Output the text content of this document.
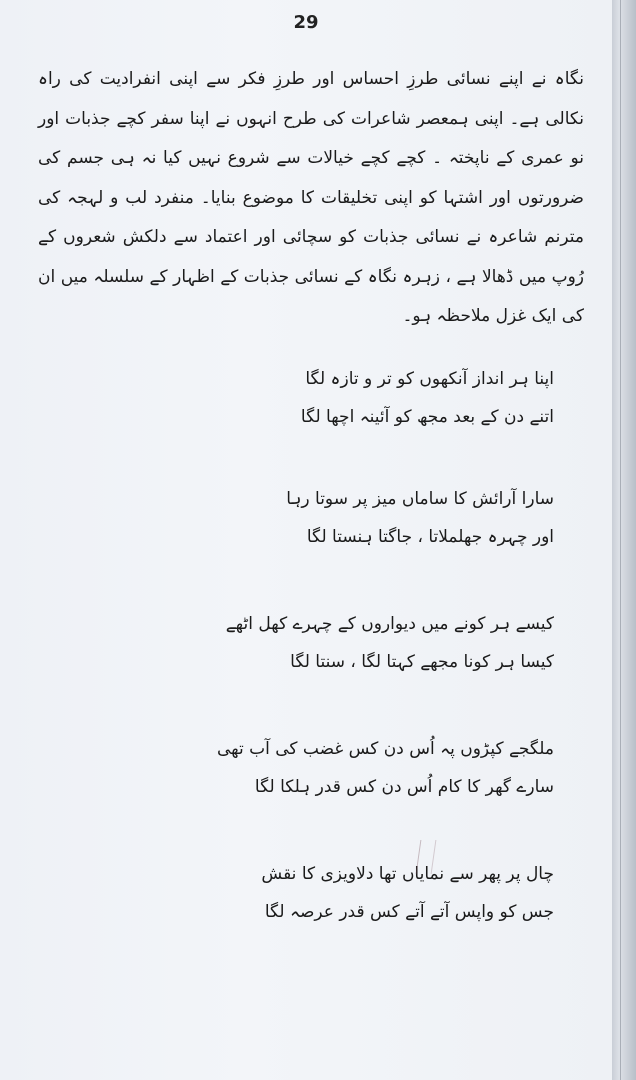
29

نگاہ نے اپنے نسائی طرزِ احساس اور طرزِ فکر سے اپنی انفرادیت کی راہ نکالی ہے۔ اپنی ہمعصر شاعرات کی طرح انہوں نے اپنا سفر کچے جذبات اور نو عمری کے ناپختہ ۔ کچے کچے خیالات سے شروع نہیں کیا نہ ہی جسم کی ضرورتوں اور اشتہا کو اپنی تخلیقات کا موضوع بنایا۔ منفرد لب و لہجہ کی مترنم شاعرہ نے نسائی جذبات کو سچائی اور اعتماد سے دلکش شعروں کے رُوپ میں ڈھالا ہے ، زہرہ نگاہ کے نسائی جذبات کے اظہار کے سلسلہ میں ان کی ایک غزل ملاحظہ ہو۔

اپنا ہر انداز آنکھوں کو تر و تازہ لگا
اتنے دن کے بعد مجھ کو آئینہ اچھا لگا
سارا آرائش کا ساماں میز پر سوتا رہا
اور چہرہ جھلملاتا ، جاگتا ہنستا لگا
کیسے ہر کونے میں دیواروں کے چہرے کھل اٹھے
کیسا ہر کونا مجھے کہتا لگا ، سنتا لگا
ملگجے کپڑوں پہ اُس دن کس غضب کی آب تھی
سارے گھر کا کام اُس دن کس قدر ہلکا لگا
چال پر پھر سے نمایاں تھا دلاویزی کا نقش
جس کو واپس آتے آتے کس قدر عرصہ لگا
